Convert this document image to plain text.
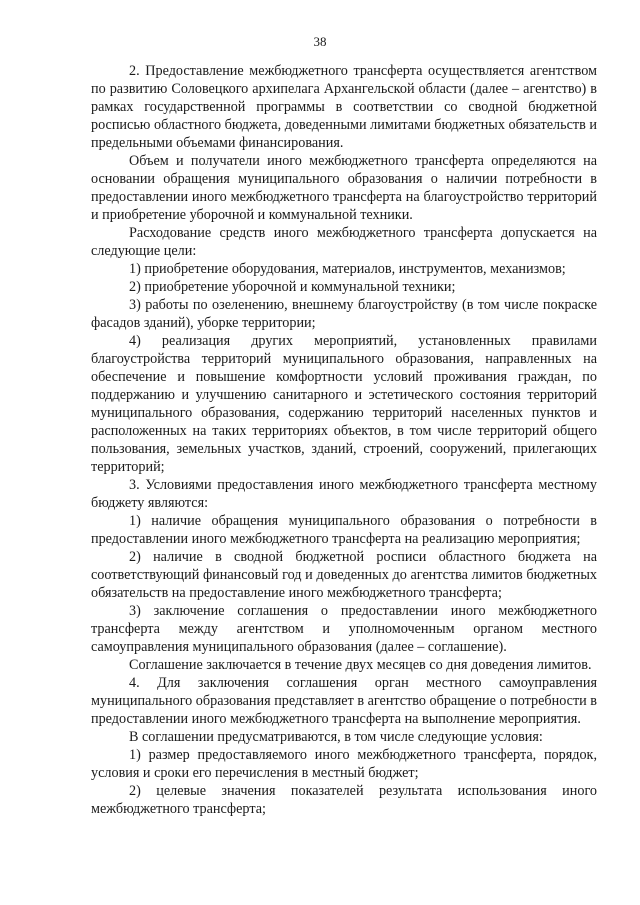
38

2. Предоставление межбюджетного трансферта осуществляется агентством по развитию Соловецкого архипелага Архангельской области (далее – агентство) в рамках государственной программы в соответствии со сводной бюджетной росписью областного бюджета, доведенными лимитами бюджетных обязательств и предельными объемами финансирования.

Объем и получатели иного межбюджетного трансферта определяются на основании обращения муниципального образования о наличии потребности в предоставлении иного межбюджетного трансферта на благоустройство территорий и приобретение уборочной и коммунальной техники.

Расходование средств иного межбюджетного трансферта допускается на следующие цели:

1) приобретение оборудования, материалов, инструментов, механизмов;

2) приобретение уборочной и коммунальной техники;

3) работы по озеленению, внешнему благоустройству (в том числе покраске фасадов зданий), уборке территории;

4) реализация других мероприятий, установленных правилами благоустройства территорий муниципального образования, направленных на обеспечение и повышение комфортности условий проживания граждан, по поддержанию и улучшению санитарного и эстетического состояния территорий муниципального образования, содержанию территорий населенных пунктов и расположенных на таких территориях объектов, в том числе территорий общего пользования, земельных участков, зданий, строений, сооружений, прилегающих территорий;

3. Условиями предоставления иного межбюджетного трансферта местному бюджету являются:

1) наличие обращения муниципального образования о потребности в предоставлении иного межбюджетного трансферта на реализацию мероприятия;

2) наличие в сводной бюджетной росписи областного бюджета на соответствующий финансовый год и доведенных до агентства лимитов бюджетных обязательств на предоставление иного межбюджетного трансферта;

3) заключение соглашения о предоставлении иного межбюджетного трансферта между агентством и уполномоченным органом местного самоуправления муниципального образования (далее – соглашение).

Соглашение заключается в течение двух месяцев со дня доведения лимитов.

4. Для заключения соглашения орган местного самоуправления муниципального образования представляет в агентство обращение о потребности в предоставлении иного межбюджетного трансферта на выполнение мероприятия.

В соглашении предусматриваются, в том числе следующие условия:

1) размер предоставляемого иного межбюджетного трансферта, порядок, условия и сроки его перечисления в местный бюджет;

2) целевые значения показателей результата использования иного межбюджетного трансферта;
